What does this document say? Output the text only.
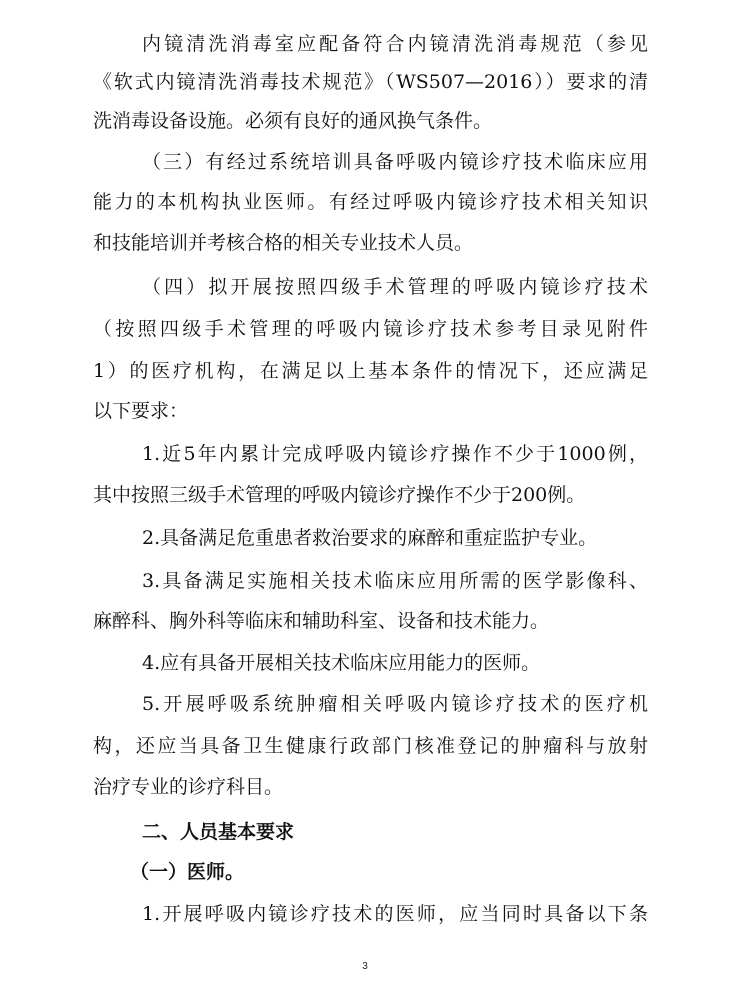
内镜清洗消毒室应配备符合内镜清洗消毒规范（参见
《软式内镜清洗消毒技术规范》（WS507—2016））要求的清
洗消毒设备设施。必须有良好的通风换气条件。
（三）有经过系统培训具备呼吸内镜诊疗技术临床应用
能力的本机构执业医师。有经过呼吸内镜诊疗技术相关知识
和技能培训并考核合格的相关专业技术人员。
（四）拟开展按照四级手术管理的呼吸内镜诊疗技术
（按照四级手术管理的呼吸内镜诊疗技术参考目录见附件
1）的医疗机构，在满足以上基本条件的情况下，还应满足
以下要求：
1.近5年内累计完成呼吸内镜诊疗操作不少于1000例，
其中按照三级手术管理的呼吸内镜诊疗操作不少于200例。
2.具备满足危重患者救治要求的麻醉和重症监护专业。
3.具备满足实施相关技术临床应用所需的医学影像科、
麻醉科、胸外科等临床和辅助科室、设备和技术能力。
4.应有具备开展相关技术临床应用能力的医师。
5.开展呼吸系统肿瘤相关呼吸内镜诊疗技术的医疗机
构，还应当具备卫生健康行政部门核准登记的肿瘤科与放射
治疗专业的诊疗科目。
二、人员基本要求
（一）医师。
1.开展呼吸内镜诊疗技术的医师，应当同时具备以下条
3
